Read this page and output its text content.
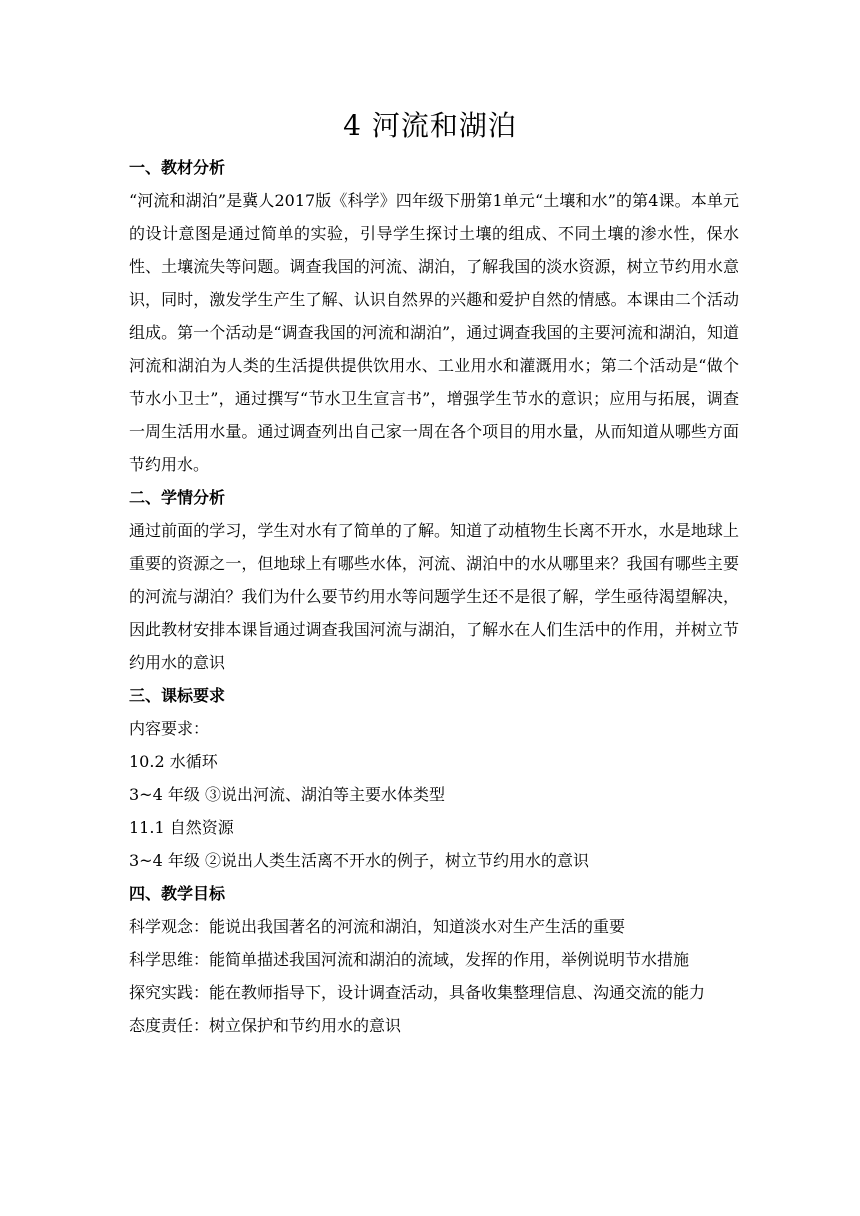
4 河流和湖泊
一、教材分析
“河流和湖泊”是冀人2017版《科学》四年级下册第1单元“土壤和水”的第4课。本单元的设计意图是通过简单的实验，引导学生探讨土壤的组成、不同土壤的渗水性，保水性、土壤流失等问题。调查我国的河流、湖泊，了解我国的淡水资源，树立节约用水意识，同时，激发学生产生了解、认识自然界的兴趣和爱护自然的情感。本课由二个活动组成。第一个活动是“调查我国的河流和湖泊”，通过调查我国的主要河流和湖泊，知道河流和湖泊为人类的生活提供提供饮用水、工业用水和灌溉用水；第二个活动是“做个节水小卫士”，通过撰写“节水卫生宣言书”，增强学生节水的意识；应用与拓展，调查一周生活用水量。通过调查列出自己家一周在各个项目的用水量，从而知道从哪些方面节约用水。
二、学情分析
通过前面的学习，学生对水有了简单的了解。知道了动植物生长离不开水，水是地球上重要的资源之一，但地球上有哪些水体，河流、湖泊中的水从哪里来？我国有哪些主要的河流与湖泊？我们为什么要节约用水等问题学生还不是很了解，学生亟待渴望解决，因此教材安排本课旨通过调查我国河流与湖泊，了解水在人们生活中的作用，并树立节约用水的意识
三、课标要求
内容要求：
10.2 水循环
3~4 年级 ③说出河流、湖泊等主要水体类型
11.1 自然资源
3~4 年级 ②说出人类生活离不开水的例子，树立节约用水的意识
四、教学目标
科学观念：能说出我国著名的河流和湖泊，知道淡水对生产生活的重要
科学思维：能简单描述我国河流和湖泊的流域，发挥的作用，举例说明节水措施
探究实践：能在教师指导下，设计调查活动，具备收集整理信息、沟通交流的能力
态度责任：树立保护和节约用水的意识
